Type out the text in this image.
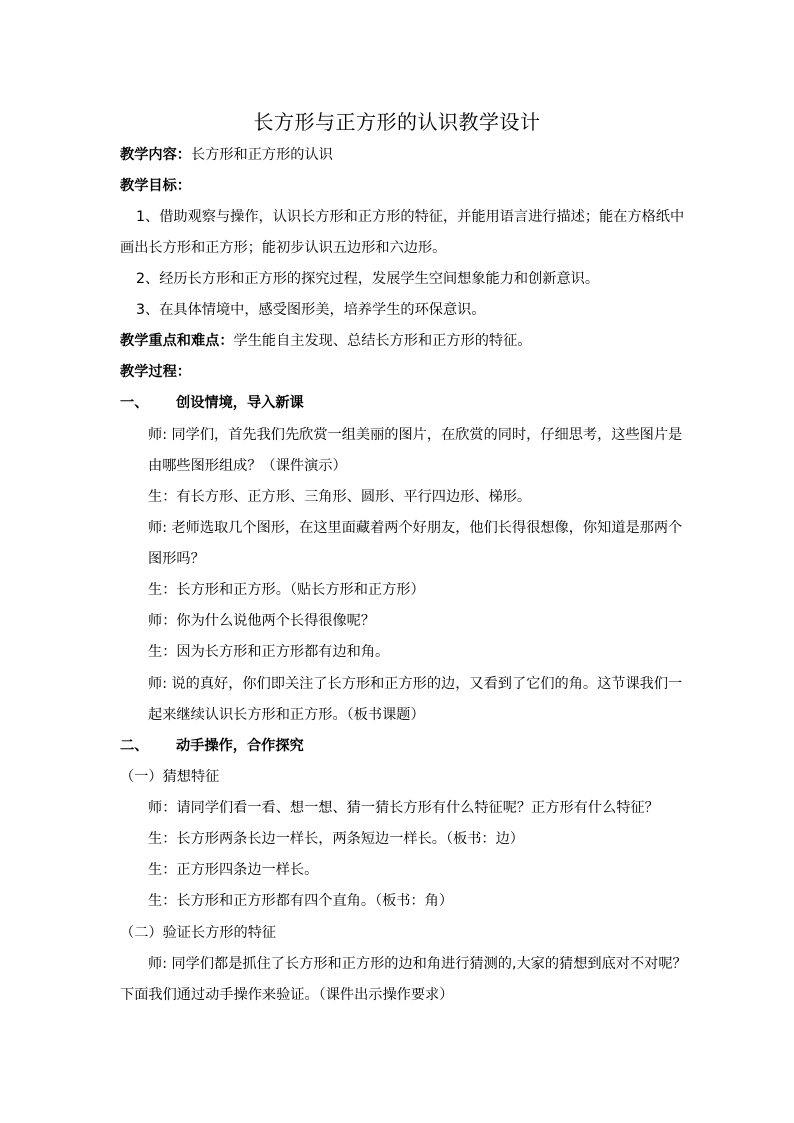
长方形与正方形的认识教学设计
教学内容：长方形和正方形的认识
教学目标：
1、借助观察与操作，认识长方形和正方形的特征，并能用语言进行描述；能在方格纸中
画出长方形和正方形；能初步认识五边形和六边形。
2、经历长方形和正方形的探究过程，发展学生空间想象能力和创新意识。
3、在具体情境中，感受图形美，培养学生的环保意识。
教学重点和难点：学生能自主发现、总结长方形和正方形的特征。
教学过程：
一、 创设情境，导入新课
师: 同学们，首先我们先欣赏一组美丽的图片，在欣赏的同时，仔细思考，这些图片是
由哪些图形组成？（课件演示）
生：有长方形、正方形、三角形、圆形、平行四边形、梯形。
师: 老师选取几个图形，在这里面藏着两个好朋友，他们长得很想像，你知道是那两个
图形吗？
生：长方形和正方形。（贴长方形和正方形）
师：你为什么说他两个长得很像呢？
生：因为长方形和正方形都有边和角。
师: 说的真好，你们即关注了长方形和正方形的边，又看到了它们的角。这节课我们一
起来继续认识长方形和正方形。（板书课题）
二、 动手操作，合作探究
（一）猜想特征
师：请同学们看一看、想一想、猜一猜长方形有什么特征呢？正方形有什么特征？
生：长方形两条长边一样长，两条短边一样长。（板书：边）
生：正方形四条边一样长。
生：长方形和正方形都有四个直角。（板书：角）
（二）验证长方形的特征
师: 同学们都是抓住了长方形和正方形的边和角进行猜测的,大家的猜想到底对不对呢？
下面我们通过动手操作来验证。（课件出示操作要求）
